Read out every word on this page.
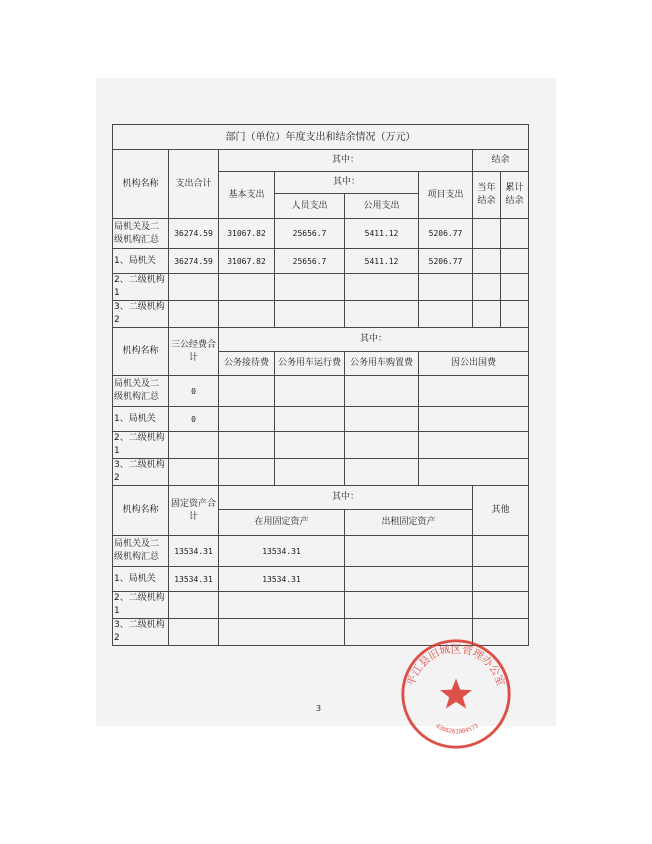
部门（单位）年度支出和结余情况（万元）							
机构名称	支出合计	其中：				结余	
		基本支出	其中：		项目支出	当年结余	累计结余
			人员支出	公用支出			
局机关及二级机构汇总	36274.59	31067.82	25656.7	5411.12	5206.77		
1、局机关	36274.59	31067.82	25656.7	5411.12	5206.77		
2、二级机构1							
3、二级机构2							
机构名称	三公经费合计	其中：					
		公务接待费	公务用车运行费	公务用车购置费	因公出国费		
局机关及二级机构汇总	0						
1、局机关	0						
2、二级机构1							
3、二级机构2							
机构名称	固定资产合计	其中：				其他	
		在用固定资产		出租固定资产			
局机关及二级机构汇总	13534.31	13534.31					
1、局机关	13534.31	13534.31					
2、二级机构1							
3、二级机构2							
3
平江县旧城区管理办公室
4306261004573
